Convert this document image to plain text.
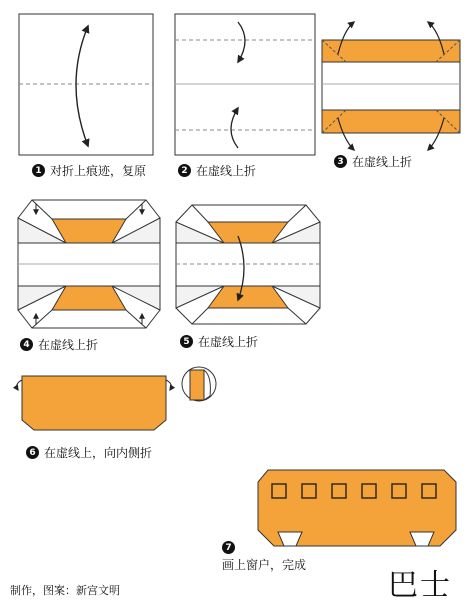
1 对折上痕迹，复原	2 在虚线上折
3 在虚线上折
4 在虚线上折	5 在虚线上折
6 在虚线上，向内侧折
7
画上窗户，完成
制作，图案：新宫文明	巴士
